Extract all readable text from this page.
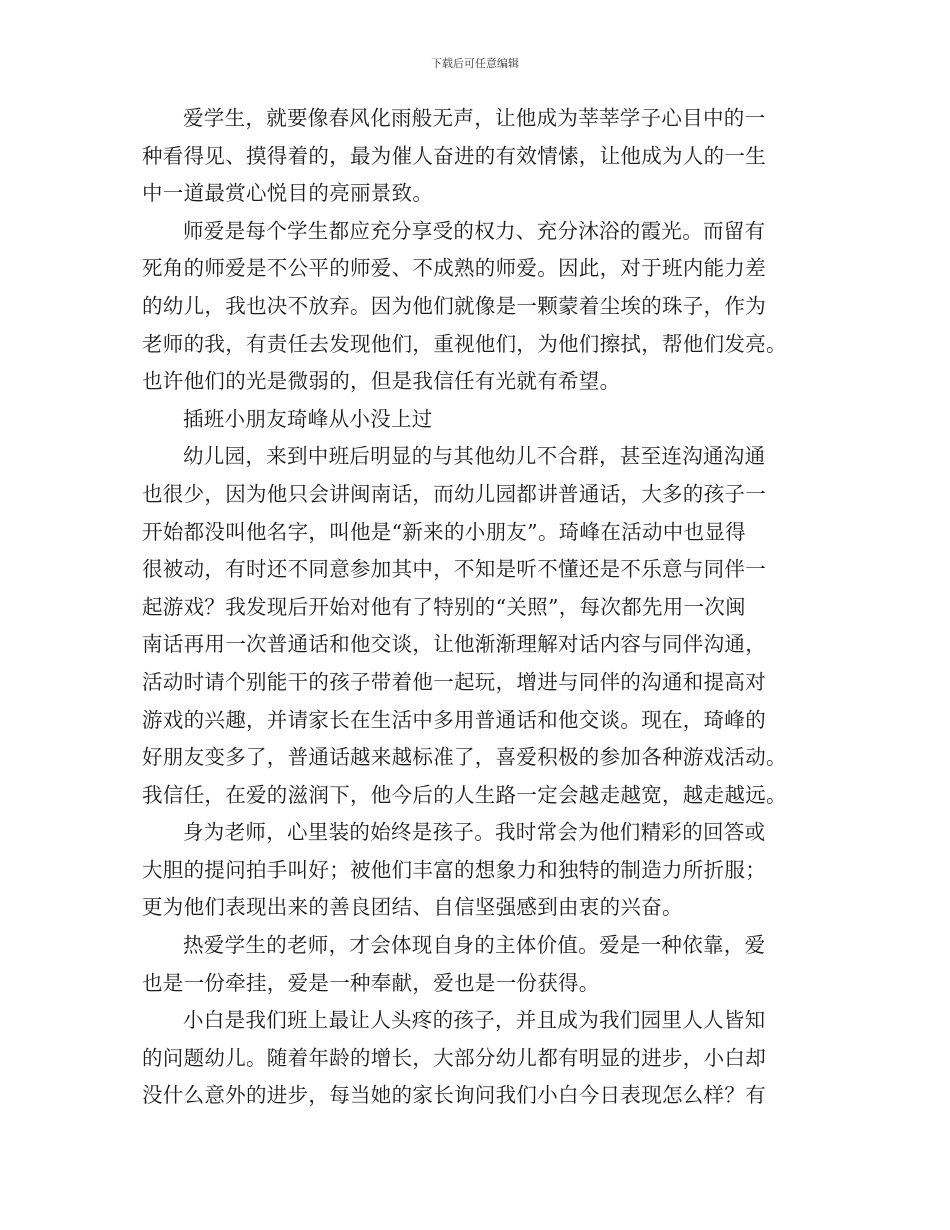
下载后可任意编辑

爱学生，就要像春风化雨般无声，让他成为莘莘学子心目中的一
种看得见、摸得着的，最为催人奋进的有效情愫，让他成为人的一生
中一道最赏心悦目的亮丽景致。

师爱是每个学生都应充分享受的权力、充分沐浴的霞光。而留有
死角的师爱是不公平的师爱、不成熟的师爱。因此，对于班内能力差
的幼儿，我也决不放弃。因为他们就像是一颗蒙着尘埃的珠子，作为
老师的我，有责任去发现他们，重视他们，为他们擦拭，帮他们发亮。
也许他们的光是微弱的，但是我信任有光就有希望。

插班小朋友琦峰从小没上过

幼儿园，来到中班后明显的与其他幼儿不合群，甚至连沟通沟通
也很少，因为他只会讲闽南话，而幼儿园都讲普通话，大多的孩子一
开始都没叫他名字，叫他是“新来的小朋友”。琦峰在活动中也显得
很被动，有时还不同意参加其中，不知是听不懂还是不乐意与同伴一
起游戏？我发现后开始对他有了特别的“关照”，每次都先用一次闽
南话再用一次普通话和他交谈，让他渐渐理解对话内容与同伴沟通，
活动时请个别能干的孩子带着他一起玩，增进与同伴的沟通和提高对
游戏的兴趣，并请家长在生活中多用普通话和他交谈。现在，琦峰的
好朋友变多了，普通话越来越标准了，喜爱积极的参加各种游戏活动。
我信任，在爱的滋润下，他今后的人生路一定会越走越宽，越走越远。

身为老师，心里装的始终是孩子。我时常会为他们精彩的回答或
大胆的提问拍手叫好；被他们丰富的想象力和独特的制造力所折服；
更为他们表现出来的善良团结、自信坚强感到由衷的兴奋。

热爱学生的老师，才会体现自身的主体价值。爱是一种依靠，爱
也是一份牵挂，爱是一种奉献，爱也是一份获得。

小白是我们班上最让人头疼的孩子，并且成为我们园里人人皆知
的问题幼儿。随着年龄的增长，大部分幼儿都有明显的进步，小白却
没什么意外的进步，每当她的家长询问我们小白今日表现怎么样？有
